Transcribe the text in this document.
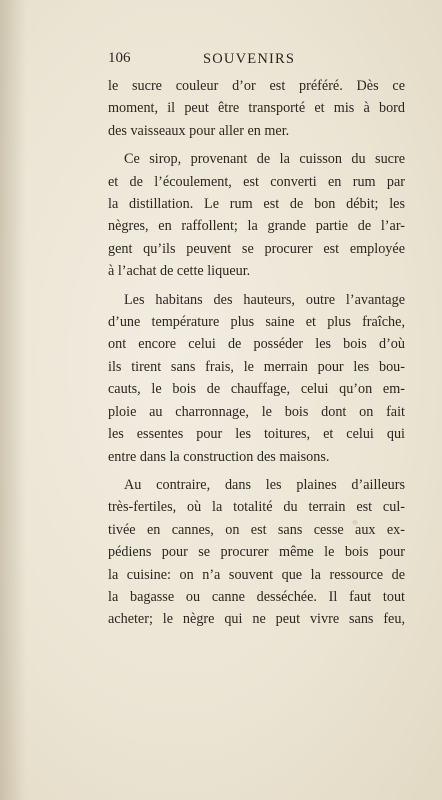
106	SOUVENIRS

le sucre couleur d’or est préféré. Dès ce
moment, il peut être transporté et mis à bord
des vaisseaux pour aller en mer.

Ce sirop, provenant de la cuisson du sucre
et de l’écoulement, est converti en rum par
la distillation. Le rum est de bon débit; les
nègres, en raffollent; la grande partie de l’ar-
gent qu’ils peuvent se procurer est employée
à l’achat de cette liqueur.

Les habitans des hauteurs, outre l’avantage
d’une température plus saine et plus fraîche,
ont encore celui de posséder les bois d’où
ils tirent sans frais, le merrain pour les bou-
cauts, le bois de chauffage, celui qu’on em-
ploie au charronnage, le bois dont on fait
les essentes pour les toitures, et celui qui
entre dans la construction des maisons.

Au contraire, dans les plaines d’ailleurs
très-fertiles, où la totalité du terrain est cul-
tivée en cannes, on est sans cesse aux ex-
pédiens pour se procurer même le bois pour
la cuisine: on n’a souvent que la ressource de
la bagasse ou canne desséchée. Il faut tout
acheter; le nègre qui ne peut vivre sans feu,
